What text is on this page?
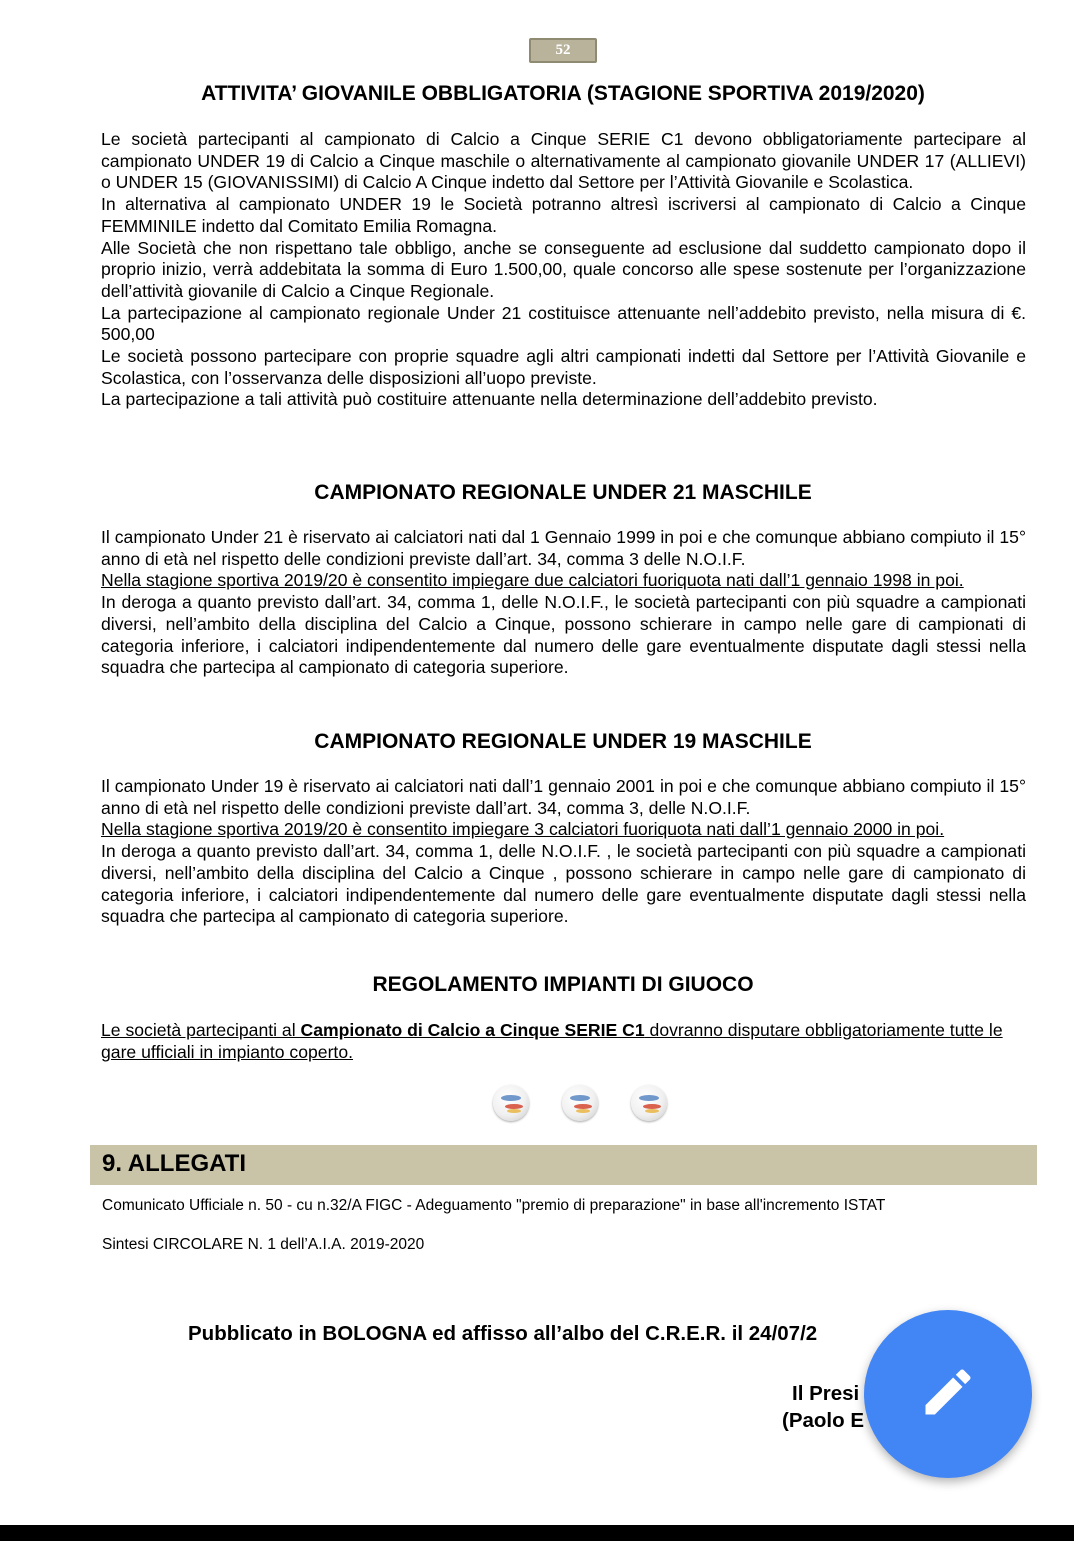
52
ATTIVITA’ GIOVANILE OBBLIGATORIA (STAGIONE SPORTIVA 2019/2020)

Le società partecipanti al campionato di Calcio a Cinque SERIE C1 devono obbligatoriamente partecipare al campionato UNDER 19 di Calcio a Cinque maschile o alternativamente al campionato giovanile UNDER 17 (ALLIEVI) o UNDER 15 (GIOVANISSIMI) di Calcio A Cinque indetto dal Settore per l’Attività Giovanile e Scolastica.

In alternativa al campionato UNDER 19 le Società potranno altresì iscriversi al campionato di Calcio a Cinque FEMMINILE indetto dal Comitato Emilia Romagna.

Alle Società che non rispettano tale obbligo, anche se conseguente ad esclusione dal suddetto campionato dopo il proprio inizio, verrà addebitata la somma di Euro 1.500,00, quale concorso alle spese sostenute per l’organizzazione dell’attività giovanile di Calcio a Cinque Regionale.

La partecipazione al campionato regionale Under 21 costituisce attenuante nell’addebito previsto, nella misura di €. 500,00

Le società possono partecipare con proprie squadre agli altri campionati indetti dal Settore per l’Attività Giovanile e Scolastica, con l’osservanza delle disposizioni all’uopo previste.

La partecipazione a tali attività può costituire attenuante nella determinazione dell’addebito previsto.

CAMPIONATO REGIONALE UNDER 21 MASCHILE

Il campionato Under 21 è riservato ai calciatori nati dal 1 Gennaio 1999 in poi e che comunque abbiano compiuto il 15° anno di età nel rispetto delle condizioni previste dall’art. 34, comma 3 delle N.O.I.F.

Nella stagione sportiva 2019/20 è consentito impiegare due calciatori fuoriquota nati dall’1 gennaio 1998 in poi.

In deroga a quanto previsto dall’art. 34, comma 1, delle N.O.I.F., le società partecipanti con più squadre a campionati diversi, nell’ambito della disciplina del Calcio a Cinque, possono schierare in campo nelle gare di campionati di categoria inferiore, i calciatori indipendentemente dal numero delle gare eventualmente disputate dagli stessi nella squadra che partecipa al campionato di categoria superiore.

CAMPIONATO REGIONALE UNDER 19 MASCHILE

Il campionato Under 19 è riservato ai calciatori nati dall’1 gennaio 2001 in poi e che comunque abbiano compiuto il 15° anno di età nel rispetto delle condizioni previste dall’art. 34, comma 3, delle N.O.I.F.

Nella stagione sportiva 2019/20 è consentito impiegare 3 calciatori fuoriquota nati dall’1 gennaio 2000 in poi.

In deroga a quanto previsto dall’art. 34, comma 1, delle N.O.I.F. , le società partecipanti con più squadre a campionati diversi, nell’ambito della disciplina del Calcio a Cinque , possono schierare in campo nelle gare di campionato di categoria inferiore, i calciatori indipendentemente dal numero delle gare eventualmente disputate dagli stessi nella squadra che partecipa al campionato di categoria superiore.

REGOLAMENTO IMPIANTI DI GIUOCO

Le società partecipanti al Campionato di Calcio a Cinque SERIE C1 dovranno disputare obbligatoriamente tutte le gare ufficiali in impianto coperto.

9. ALLEGATI

Comunicato Ufficiale n. 50 - cu n.32/A FIGC - Adeguamento "premio di preparazione" in base all'incremento ISTAT

Sintesi CIRCOLARE N. 1 dell’A.I.A. 2019-2020

Pubblicato in BOLOGNA ed affisso all’albo del C.R.E.R. il 24/07/2

Il Presi

(Paolo E
